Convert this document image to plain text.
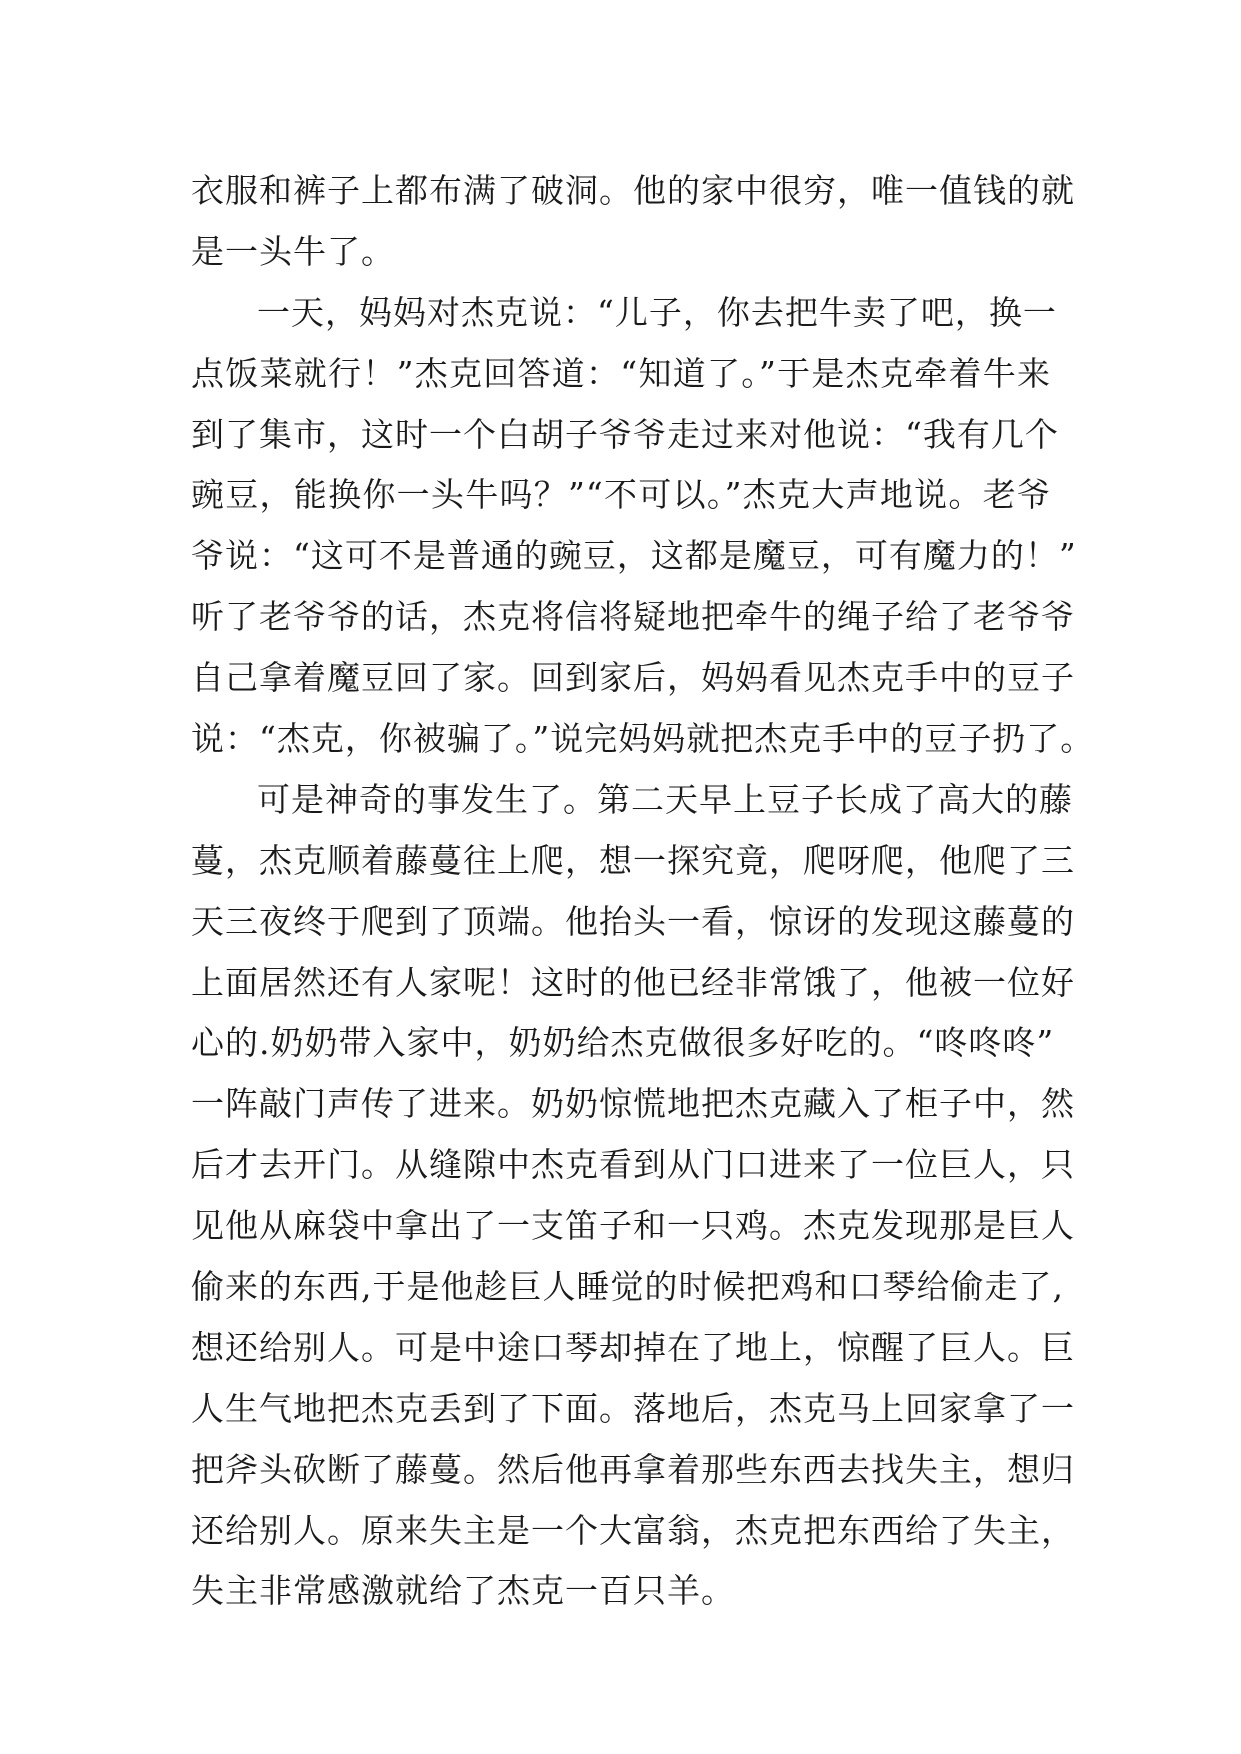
衣服和裤子上都布满了破洞。他的家中很穷，唯一值钱的就
是一头牛了。
一天，妈妈对杰克说：“儿子，你去把牛卖了吧，换一
点饭菜就行！”杰克回答道：“知道了。”于是杰克牵着牛来
到了集市，这时一个白胡子爷爷走过来对他说：“我有几个
豌豆，能换你一头牛吗？”“不可以。”杰克大声地说。老爷
爷说：“这可不是普通的豌豆，这都是魔豆，可有魔力的！”
听了老爷爷的话，杰克将信将疑地把牵牛的绳子给了老爷爷
自己拿着魔豆回了家。回到家后，妈妈看见杰克手中的豆子
说：“杰克，你被骗了。”说完妈妈就把杰克手中的豆子扔了。
可是神奇的事发生了。第二天早上豆子长成了高大的藤
蔓，杰克顺着藤蔓往上爬，想一探究竟，爬呀爬，他爬了三
天三夜终于爬到了顶端。他抬头一看，惊讶的发现这藤蔓的
上面居然还有人家呢！这时的他已经非常饿了，他被一位好
心的.奶奶带入家中，奶奶给杰克做很多好吃的。“咚咚咚”
一阵敲门声传了进来。奶奶惊慌地把杰克藏入了柜子中，然
后才去开门。从缝隙中杰克看到从门口进来了一位巨人，只
见他从麻袋中拿出了一支笛子和一只鸡。杰克发现那是巨人
偷来的东西,于是他趁巨人睡觉的时候把鸡和口琴给偷走了,
想还给别人。可是中途口琴却掉在了地上，惊醒了巨人。巨
人生气地把杰克丢到了下面。落地后，杰克马上回家拿了一
把斧头砍断了藤蔓。然后他再拿着那些东西去找失主，想归
还给别人。原来失主是一个大富翁，杰克把东西给了失主，
失主非常感激就给了杰克一百只羊。
